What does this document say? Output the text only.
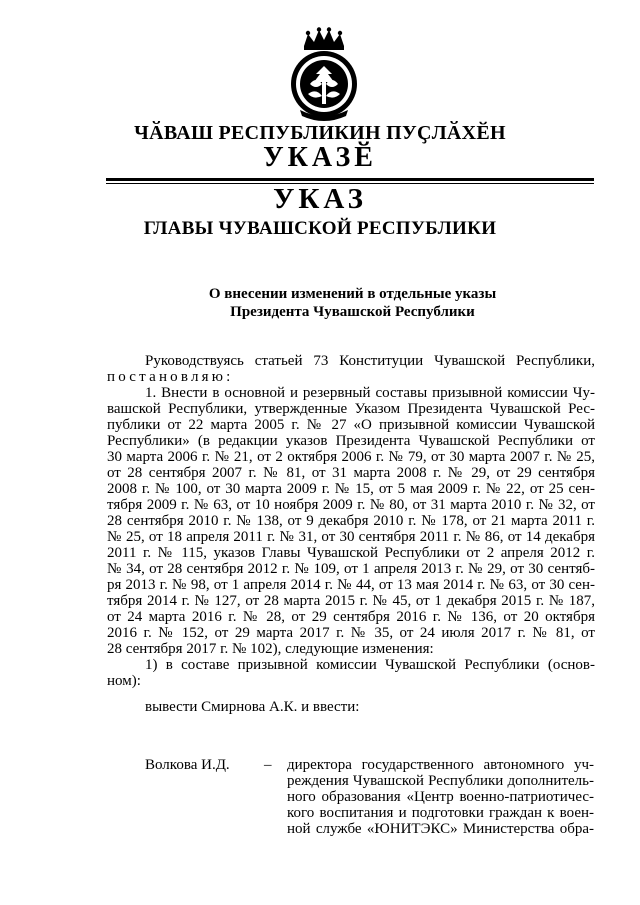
ЧӐВАШ РЕСПУБЛИКИН ПУҪЛӐХӖН
УКАЗӖ
УКАЗ
ГЛАВЫ ЧУВАШСКОЙ РЕСПУБЛИКИ
О внесении изменений в отдельные указы
Президента Чувашской Республики

Руководствуясь статьей 73 Конституции Чувашской Республики,

постановляю:

1. Внести в основной и резервный составы призывной комиссии Чу-

вашской Республики, утвержденные Указом Президента Чувашской Рес-

публики от 22 марта 2005 г. № 27 «О призывной комиссии Чувашской

Республики» (в редакции указов Президента Чувашской Республики от

30 марта 2006 г. № 21, от 2 октября 2006 г. № 79, от 30 марта 2007 г. № 25,

от 28 сентября 2007 г. № 81, от 31 марта 2008 г. № 29, от 29 сентября

2008 г. № 100, от 30 марта 2009 г. № 15, от 5 мая 2009 г. № 22, от 25 сен-

тября 2009 г. № 63, от 10 ноября 2009 г. № 80, от 31 марта 2010 г. № 32, от

28 сентября 2010 г. № 138, от 9 декабря 2010 г. № 178, от 21 марта 2011 г.

№ 25, от 18 апреля 2011 г. № 31, от 30 сентября 2011 г. № 86, от 14 декабря

2011 г. № 115, указов Главы Чувашской Республики от 2 апреля 2012 г.

№ 34, от 28 сентября 2012 г. № 109, от 1 апреля 2013 г. № 29, от 30 сентяб-

ря 2013 г. № 98, от 1 апреля 2014 г. № 44, от 13 мая 2014 г. № 63, от 30 сен-

тября 2014 г. № 127, от 28 марта 2015 г. № 45, от 1 декабря 2015 г. № 187,

от 24 марта 2016 г. № 28, от 29 сентября 2016 г. № 136, от 20 октября

2016 г. № 152, от 29 марта 2017 г. № 35, от 24 июля 2017 г. № 81, от

28 сентября 2017 г. № 102), следующие изменения:

1) в составе призывной комиссии Чувашской Республики (основ-

ном):

вывести Смирнова А.К. и ввести:

Волкова И.Д. – директора государственного автономного уч-

реждения Чувашской Республики дополнитель-

ного образования «Центр военно-патриотичес-

кого воспитания и подготовки граждан к воен-

ной службе «ЮНИТЭКС» Министерства обра-
